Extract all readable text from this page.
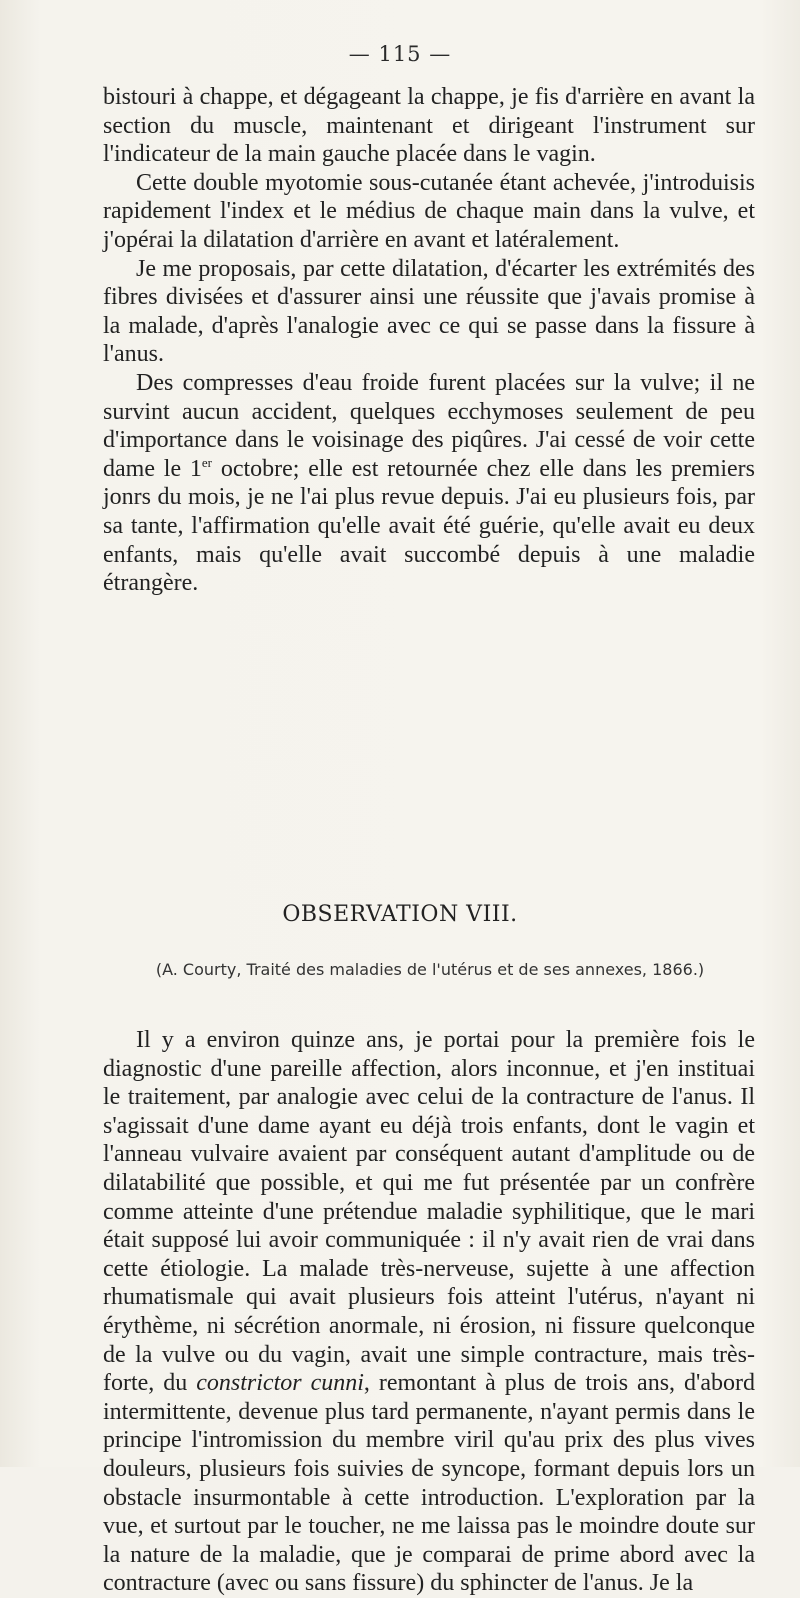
— 115 —

bistouri à chappe, et dégageant la chappe, je fis d'arrière en avant la section du muscle, maintenant et dirigeant l'instrument sur l'indicateur de la main gauche placée dans le vagin.

Cette double myotomie sous-cutanée étant achevée, j'introduisis rapidement l'index et le médius de chaque main dans la vulve, et j'opérai la dilatation d'arrière en avant et latéralement.

Je me proposais, par cette dilatation, d'écarter les extrémités des fibres divisées et d'assurer ainsi une réussite que j'avais promise à la malade, d'après l'analogie avec ce qui se passe dans la fissure à l'anus.

Des compresses d'eau froide furent placées sur la vulve; il ne survint aucun accident, quelques ecchymoses seulement de peu d'importance dans le voisinage des piqûres. J'ai cessé de voir cette dame le 1er octobre; elle est retournée chez elle dans les premiers jonrs du mois, je ne l'ai plus revue depuis. J'ai eu plusieurs fois, par sa tante, l'affirmation qu'elle avait été guérie, qu'elle avait eu deux enfants, mais qu'elle avait succombé depuis à une maladie étrangère.

OBSERVATION VIII.
(A. Courty, Traité des maladies de l'utérus et de ses annexes, 1866.)

Il y a environ quinze ans, je portai pour la première fois le diagnostic d'une pareille affection, alors inconnue, et j'en instituai le traitement, par analogie avec celui de la contracture de l'anus. Il s'agissait d'une dame ayant eu déjà trois enfants, dont le vagin et l'anneau vulvaire avaient par conséquent autant d'amplitude ou de dilatabilité que possible, et qui me fut présentée par un confrère comme atteinte d'une prétendue maladie syphilitique, que le mari était supposé lui avoir communiquée : il n'y avait rien de vrai dans cette étiologie. La malade très-nerveuse, sujette à une affection rhumatismale qui avait plusieurs fois atteint l'utérus, n'ayant ni érythème, ni sécrétion anormale, ni érosion, ni fissure quelconque de la vulve ou du vagin, avait une simple contracture, mais très-forte, du constrictor cunni, remontant à plus de trois ans, d'abord intermittente, devenue plus tard permanente, n'ayant permis dans le principe l'intromission du membre viril qu'au prix des plus vives douleurs, plusieurs fois suivies de syncope, formant depuis lors un obstacle insurmontable à cette introduction. L'exploration par la vue, et surtout par le toucher, ne me laissa pas le moindre doute sur la nature de la maladie, que je comparai de prime abord avec la contracture (avec ou sans fissure) du sphincter de l'anus. Je la
